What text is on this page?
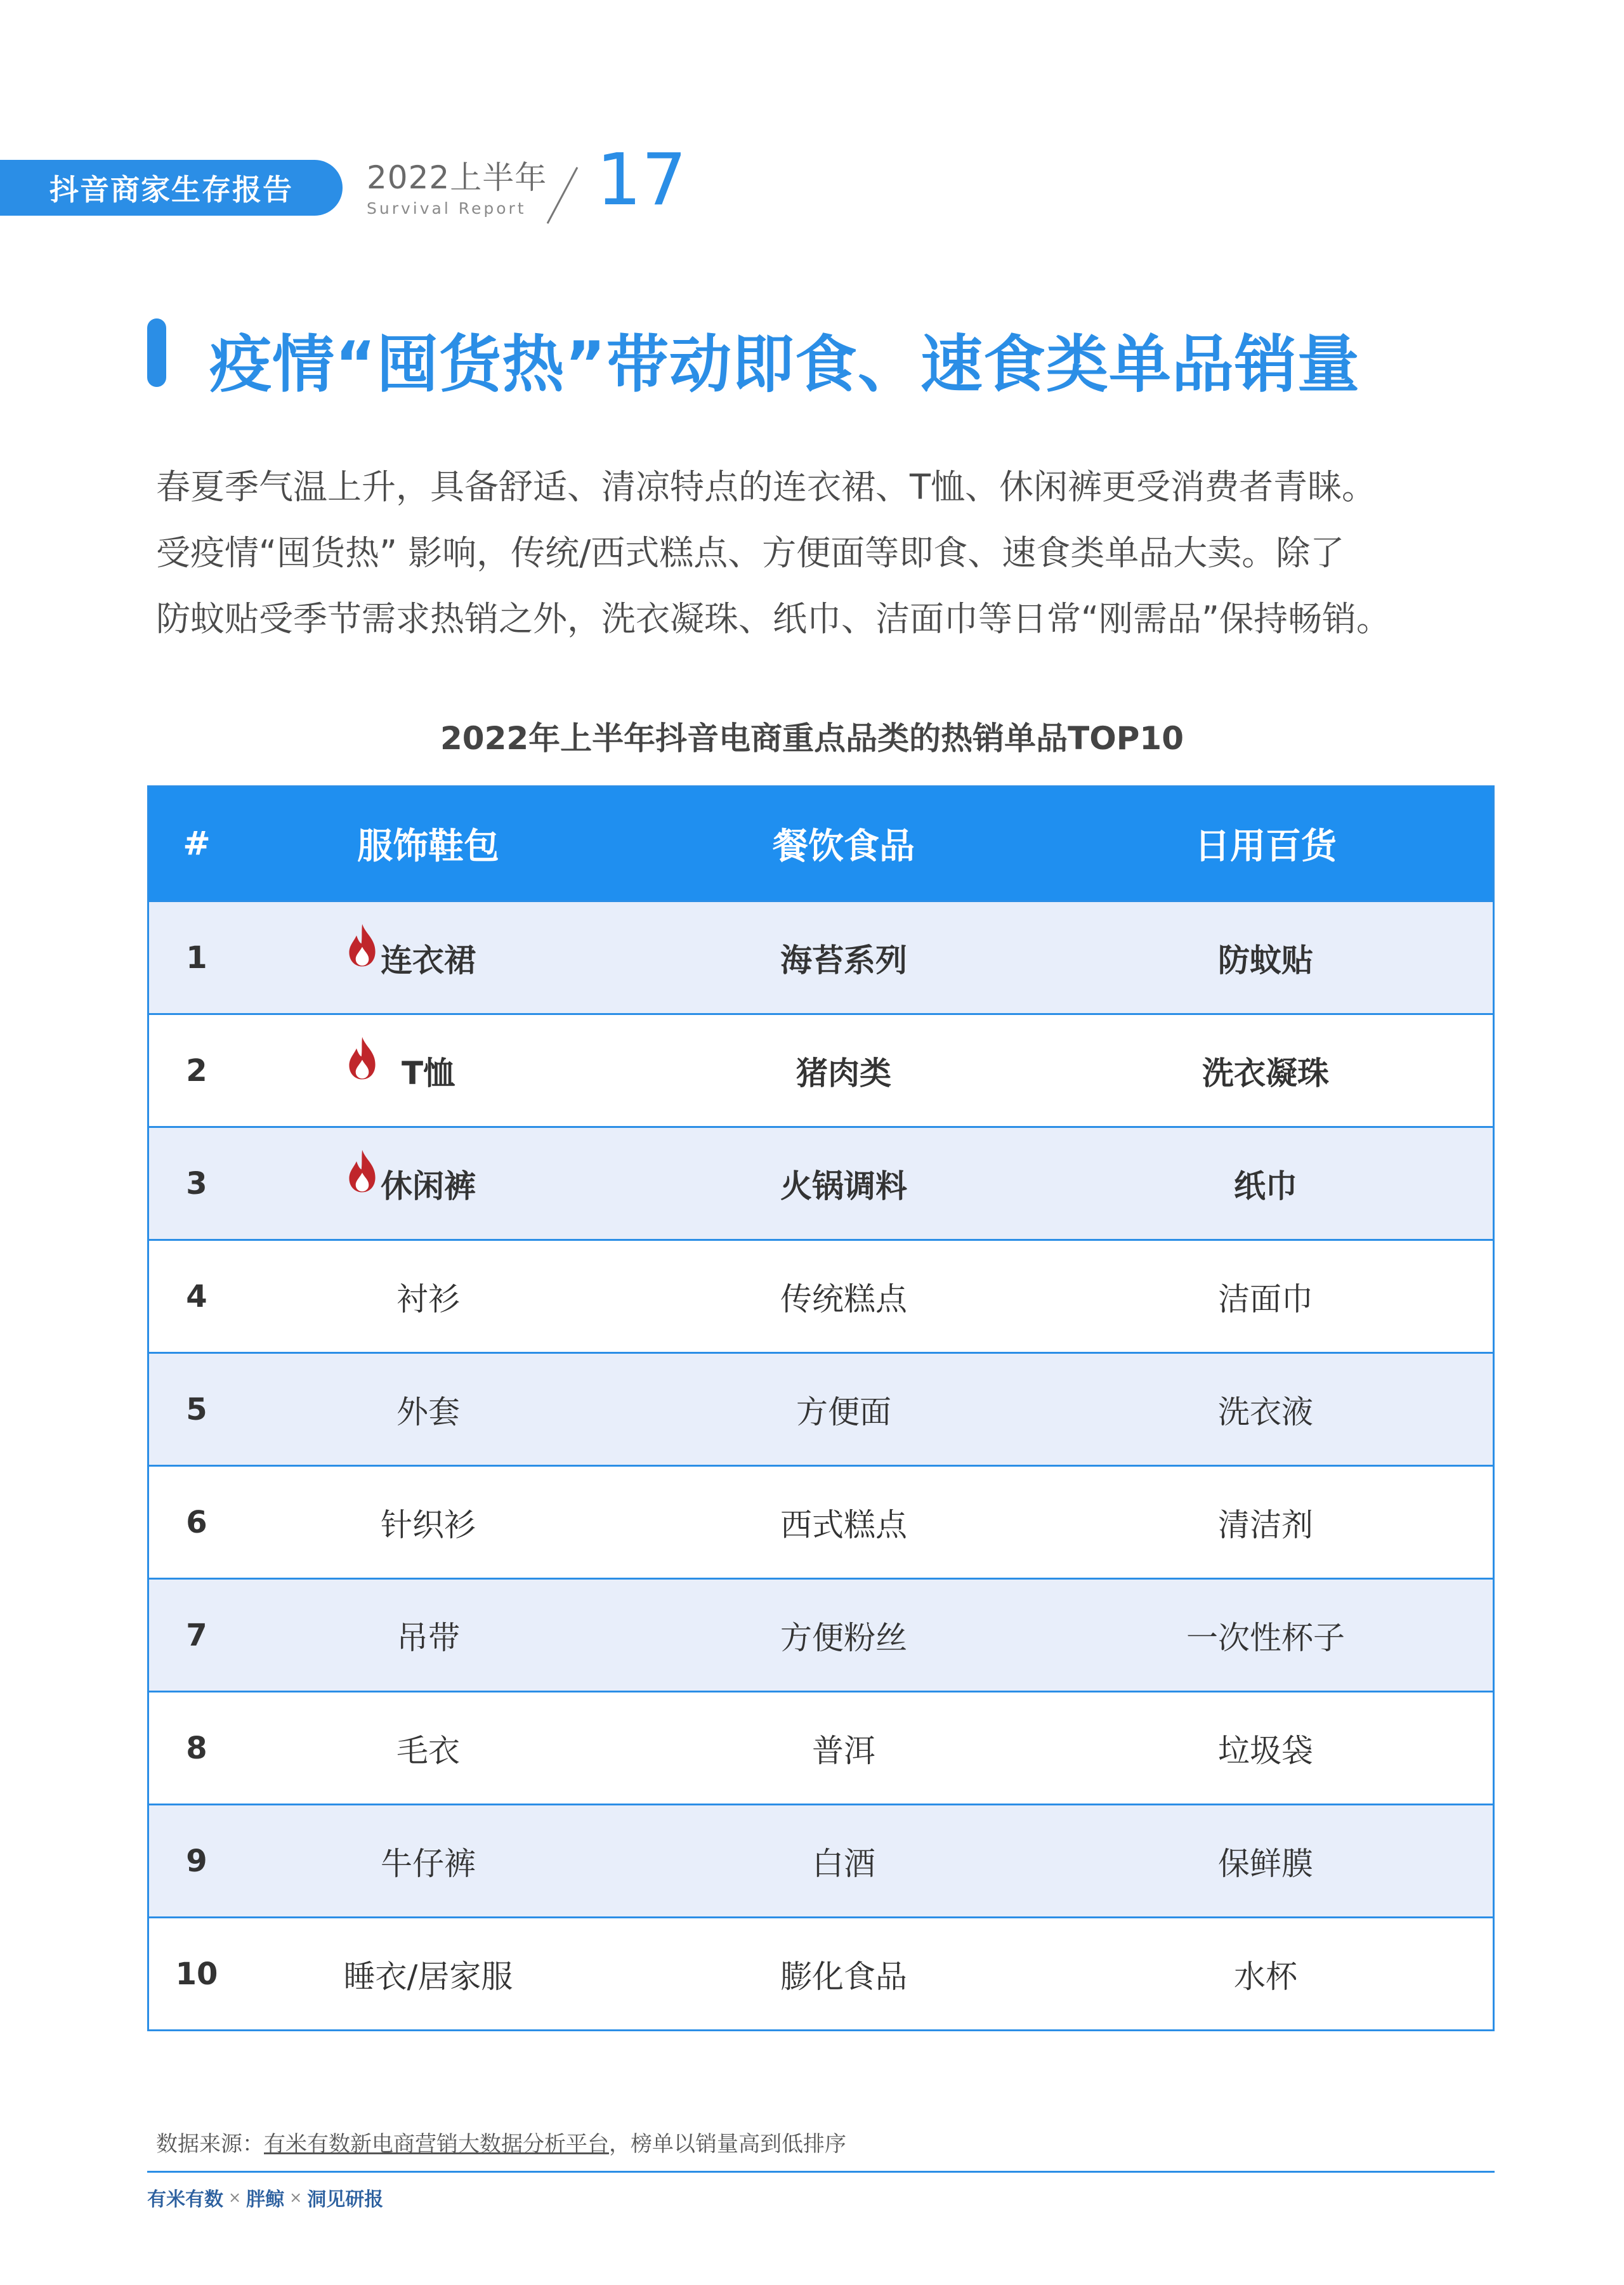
抖音商家生存报告 2022上半年
Survival Report 17
疫情“囤货热”带动即食、速食类单品销量

春夏季气温上升，具备舒适、清凉特点的连衣裙、T恤、休闲裤更受消费者青睐。

受疫情“囤货热” 影响，传统/西式糕点、方便面等即食、速食类单品大卖。除了

防蚊贴受季节需求热销之外，洗衣凝珠、纸巾、洁面巾等日常“刚需品”保持畅销。

2022年上半年抖音电商重点品类的热销单品TOP10
#	服饰鞋包	餐饮食品	日用百货
1	连衣裙	海苔系列	防蚊贴
2	T恤	猪肉类	洗衣凝珠
3	休闲裤	火锅调料	纸巾
4	衬衫	传统糕点	洁面巾
5	外套	方便面	洗衣液
6	针织衫	西式糕点	清洁剂
7	吊带	方便粉丝	一次性杯子
8	毛衣	普洱	垃圾袋
9	牛仔裤	白酒	保鲜膜
10	睡衣/居家服	膨化食品	水杯
数据来源：有米有数新电商营销大数据分析平台，榜单以销量高到低排序
有米有数 × 胖鲸 × 洞见研报
